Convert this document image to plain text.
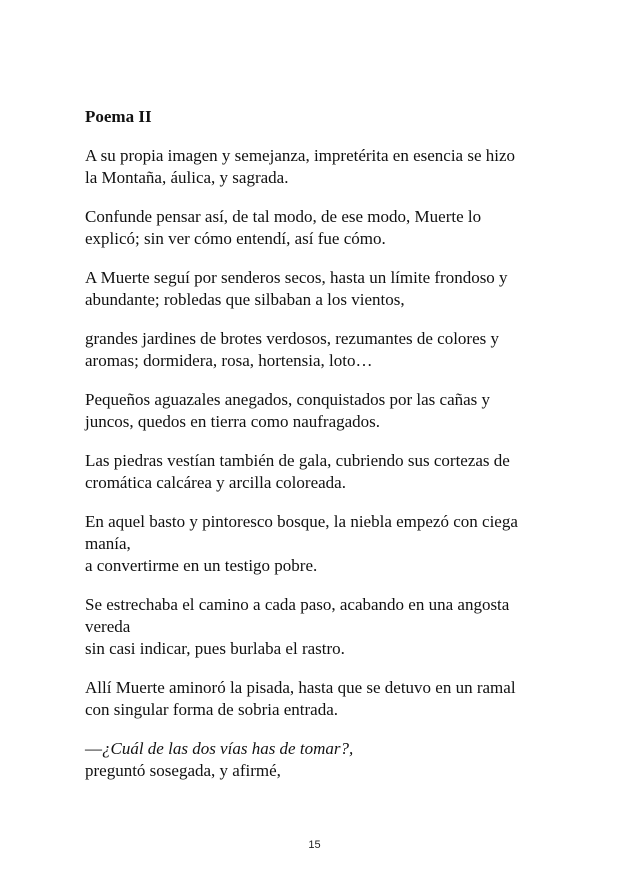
Poema II
A su propia imagen y semejanza, impretérita en esencia se hizo
la Montaña, áulica, y sagrada.
Confunde pensar así, de tal modo, de ese modo, Muerte lo
explicó; sin ver cómo entendí, así fue cómo.
A Muerte seguí por senderos secos, hasta un límite frondoso y
abundante; robledas que silbaban a los vientos,
grandes jardines de brotes verdosos, rezumantes de colores y
aromas; dormidera, rosa, hortensia, loto…
Pequeños aguazales anegados, conquistados por las cañas y
juncos, quedos en tierra como naufragados.
Las piedras vestían también de gala, cubriendo sus cortezas de
cromática calcárea y arcilla coloreada.
En aquel basto y pintoresco bosque, la niebla empezó con ciega
manía,
a convertirme en un testigo pobre.
Se estrechaba el camino a cada paso, acabando en una angosta
vereda
sin casi indicar, pues burlaba el rastro.
Allí Muerte aminoró la pisada, hasta que se detuvo en un ramal
con singular forma de sobria entrada.
—¿Cuál de las dos vías has de tomar?,
preguntó sosegada, y afirmé,
15
